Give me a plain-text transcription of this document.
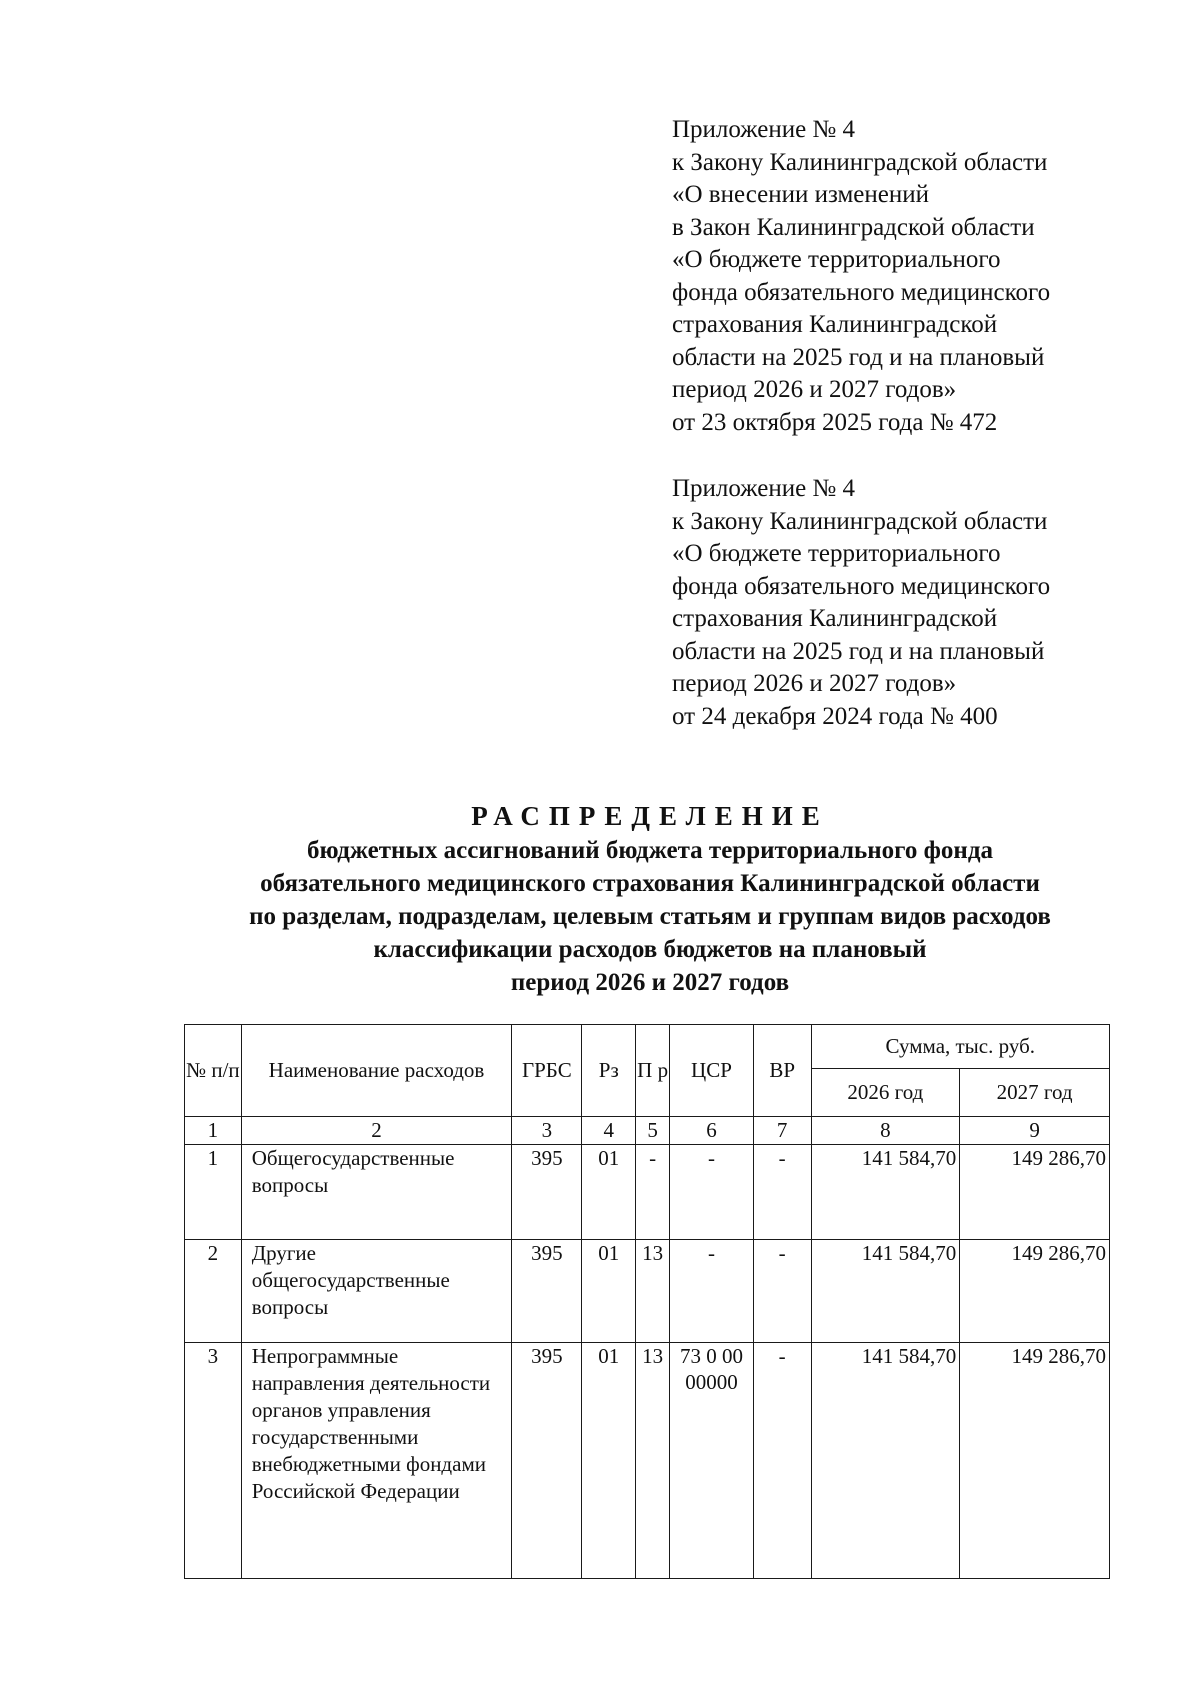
Приложение № 4
к Закону Калининградской области
«О внесении изменений
в Закон Калининградской области
«О бюджете территориального
фонда обязательного медицинского
страхования Калининградской
области на 2025 год и на плановый
период 2026 и 2027 годов»
от 23 октября 2025 года № 472
Приложение № 4
к Закону Калининградской области
«О бюджете территориального
фонда обязательного медицинского
страхования Калининградской
области на 2025 год и на плановый
период 2026 и 2027 годов»
от 24 декабря 2024 года № 400
РАСПРЕДЕЛЕНИЕ
бюджетных ассигнований бюджета территориального фонда
обязательного медицинского страхования Калининградской области
по разделам, подразделам, целевым статьям и группам видов расходов
классификации расходов бюджетов на плановый
период 2026 и 2027 годов
№ п/п	Наименование расходов	ГРБС	Рз	П р	ЦСР	ВР	Сумма, тыс. руб.	
							2026 год	2027 год
1	2	3	4	5	6	7	8	9
1	Общегосударственные вопросы	395	01	-	-	-	141 584,70	149 286,70
2	Другие общегосударственные вопросы	395	01	13	-	-	141 584,70	149 286,70
3	Непрограммные направления деятельности органов управления государственными внебюджетными фондами Российской Федерации	395	01	13	73 0 00 00000	-	141 584,70	149 286,70
